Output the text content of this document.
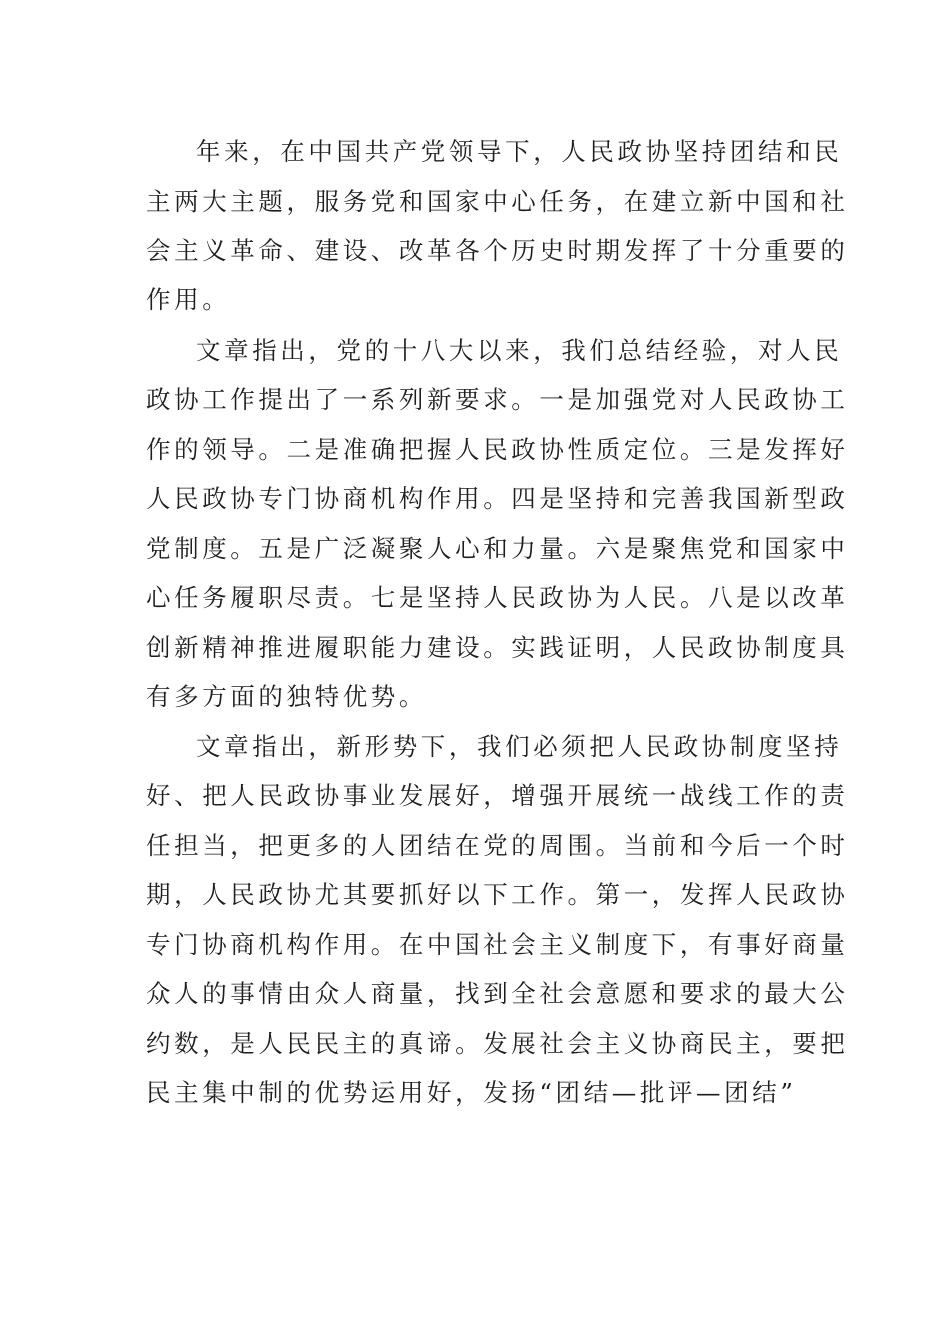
年来，在中国共产党领导下，人民政协坚持团结和民
主两大主题，服务党和国家中心任务，在建立新中国和社
会主义革命、建设、改革各个历史时期发挥了十分重要的
作用。
文章指出，党的十八大以来，我们总结经验，对人民
政协工作提出了一系列新要求。一是加强党对人民政协工
作的领导。二是准确把握人民政协性质定位。三是发挥好
人民政协专门协商机构作用。四是坚持和完善我国新型政
党制度。五是广泛凝聚人心和力量。六是聚焦党和国家中
心任务履职尽责。七是坚持人民政协为人民。八是以改革
创新精神推进履职能力建设。实践证明，人民政协制度具
有多方面的独特优势。
文章指出，新形势下，我们必须把人民政协制度坚持
好、把人民政协事业发展好，增强开展统一战线工作的责
任担当，把更多的人团结在党的周围。当前和今后一个时
期，人民政协尤其要抓好以下工作。第一，发挥人民政协
专门协商机构作用。在中国社会主义制度下，有事好商量
众人的事情由众人商量，找到全社会意愿和要求的最大公
约数，是人民民主的真谛。发展社会主义协商民主，要把
民主集中制的优势运用好，发扬“团结—批评—团结”
